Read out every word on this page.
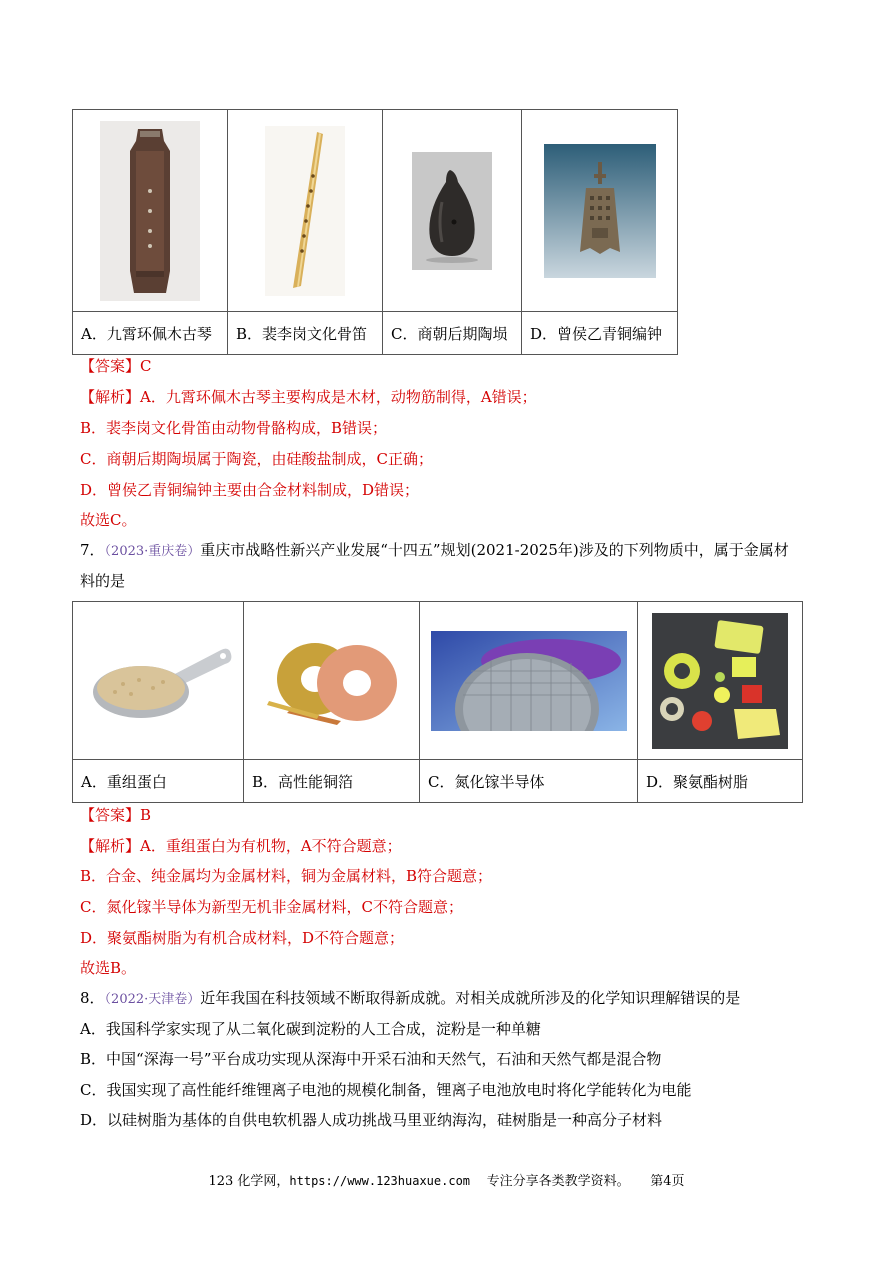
A．九霄环佩木古琴	B．裴李岗文化骨笛	C．商朝后期陶埙	D．曾侯乙青铜编钟
【答案】C
【解析】A．九霄环佩木古琴主要构成是木材，动物筋制得，A错误；
B．裴李岗文化骨笛由动物骨骼构成，B错误；
C．商朝后期陶埙属于陶瓷，由硅酸盐制成，C正确；
D．曾侯乙青铜编钟主要由合金材料制成，D错误；
故选C。
7．（2023·重庆卷）重庆市战略性新兴产业发展“十四五”规划(2021-2025年)涉及的下列物质中，属于金属材
料的是

A．重组蛋白	B．高性能铜箔	C．氮化镓半导体	D．聚氨酯树脂
【答案】B
【解析】A．重组蛋白为有机物，A不符合题意；
B．合金、纯金属均为金属材料，铜为金属材料，B符合题意；
C．氮化镓半导体为新型无机非金属材料，C不符合题意；
D．聚氨酯树脂为有机合成材料，D不符合题意；
故选B。
8．（2022·天津卷）近年我国在科技领域不断取得新成就。对相关成就所涉及的化学知识理解错误的是
A．我国科学家实现了从二氧化碳到淀粉的人工合成，淀粉是一种单糖
B．中国“深海一号”平台成功实现从深海中开采石油和天然气，石油和天然气都是混合物
C．我国实现了高性能纤维锂离子电池的规模化制备，锂离子电池放电时将化学能转化为电能
D．以硅树脂为基体的自供电软机器人成功挑战马里亚纳海沟，硅树脂是一种高分子材料
123 化学网，https://www.123huaxue.com 专注分享各类教学资料。 第4页
